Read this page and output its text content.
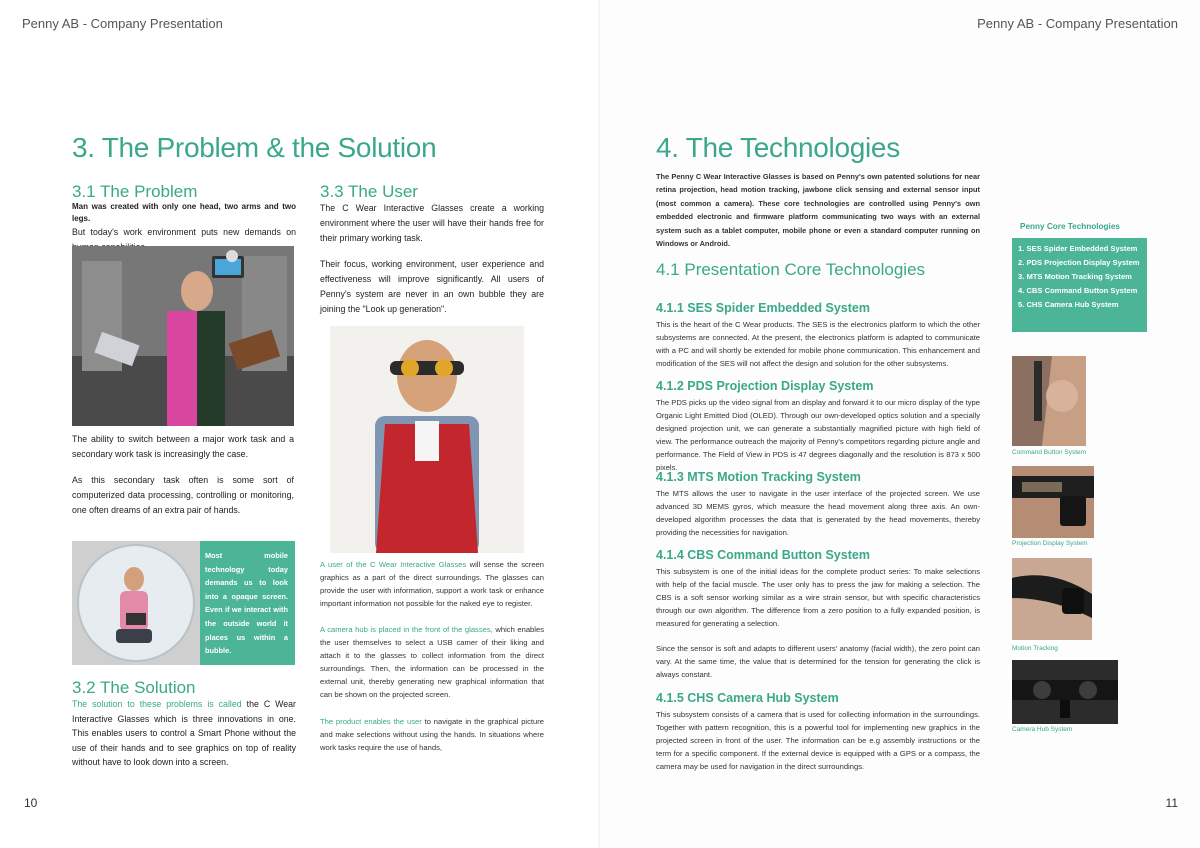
Penny AB - Company Presentation
3. The Problem & the Solution
3.1 The Problem
Man was created with only one head, two arms and two legs.
But today's work environment puts new demands on
The ability to switch between a major work task and a secondary work task is increasingly the case.
As this secondary task often is some sort of computerized data processing, controlling or monitoring, one often dreams of an extra pair of hands.
Most mobile technology today demands us to look into a opaque screen. Even if we interact with the outside world it places us within a bubble.
3.2 The Solution
The solution to these problems is called the C Wear Interactive Glasses which is three innovations in one. This enables users to control a Smart Phone without the use of their hands and to see graphics on top of reality without have to look down into a screen.
3.3 The User
The C Wear Interactive Glasses create a working environment where the user will have their hands free for their primary working task.
Their focus, working environment, user experience and effectiveness will improve significantly. All users of Penny's system are never in an own bubble they are joining the "Look up generation".
A user of the C Wear Interactive Glasses will sense the screen graphics as a part of the direct surroundings. The glasses can provide the user with information, support a work task or enhance important information not possible for the naked eye to register.
A camera hub is placed in the front of the glasses, which enables the user themselves to select a USB camer of their liking and attach it to the glasses to collect information from the direct surroundings. Then, the information can be processed in the external unit, thereby generating new graphical information that can be shown on the projected screen.
The product enables the user to navigate in the graphical picture and make selections without using the hands. In situations where work tasks require the use of hands,
10
Penny AB - Company Presentation
4. The Technologies
The Penny C Wear Interactive Glasses is based on Penny's own patented solutions for near retina projection, head motion tracking, jawbone click sensing and external sensor input (most common a camera). These core technologies are controlled using Penny's own embedded electronic and firmware platform communicating two ways with an external system such as a tablet computer, mobile phone or even a standard computer running on Windows or Android.
4.1 Presentation Core Technologies
4.1.1 SES Spider Embedded System
This is the heart of the C Wear products. The SES is the electronics platform to which the other subsystems are connected. At the present, the electronics platform is adapted to communicate with a PC and will shortly be extended for mobile phone communication. This enhancement and modification of the SES will not affect the design and solution for the other subsystems.
4.1.2 PDS Projection Display System
The PDS picks up the video signal from an display and forward it to our micro display of the type Organic Light Emitted Diod (OLED). Through our own-developed optics solution and a specially designed projection unit, we can generate a substantially magnified picture with high field of view. The performance outreach the majority of Penny's competitors regarding picture angle and performance. The Field of View in PDS is 47 degrees diagonally and the resolution is 873 x 500 pixels.
4.1.3 MTS Motion Tracking System
The MTS allows the user to navigate in the user interface of the projected screen. We use advanced 3D MEMS gyros, which measure the head movement along three axis. An own-developed algorithm processes the data that is generated by the head movements, thereby providing the necessities for navigation.
4.1.4 CBS Command Button System
This subsystem is one of the initial ideas for the complete product series: To make selections with help of the facial muscle. The user only has to press the jaw for making a selection. The CBS is a soft sensor working similar as a wire strain sensor, but with specific characteristics through our own algorithm. The difference from a zero position to a fully expanded position, is measured for generating a selection.
Since the sensor is soft and adapts to different users' anatomy (facial width), the zero point can vary. At the same time, the value that is determined for the tension for generating the click is always constant.
4.1.5 CHS Camera Hub System
This subsystem consists of a camera that is used for collecting information in the surroundings. Together with pattern recognition, this is a powerful tool for implementing new graphics in the projected screen in front of the user. The information can be e.g assembly instructions or the term for a specific component. If the external device is equipped with a GPS or a compass, the camera may be used for navigation in the direct surroundings.
Penny Core Technologies
1. SES Spider Embedded System
2. PDS Projection Display System
3. MTS Motion Tracking System
4. CBS Command Button System
5. CHS Camera Hub System
Command Button System
Projection Display System
Motion Tracking
Camera Hub System
11
